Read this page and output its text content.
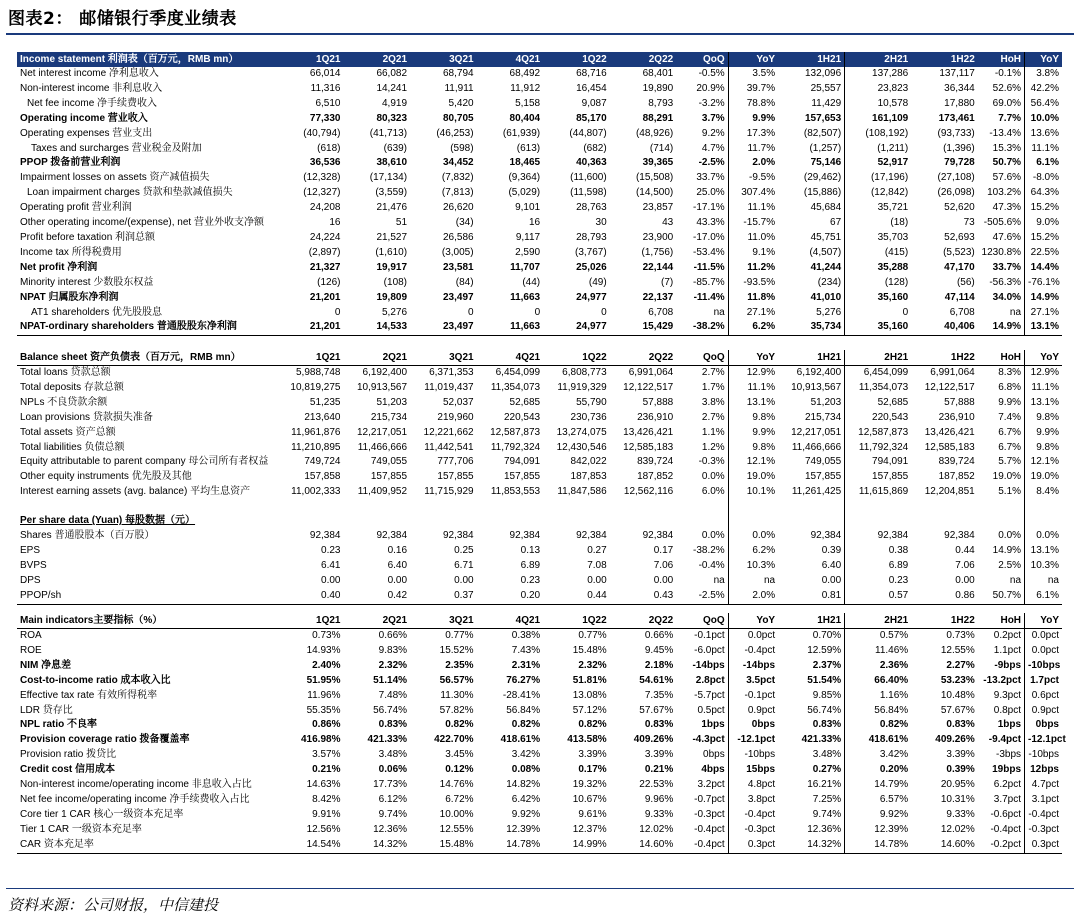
图表2： 邮储银行季度业绩表
Income statement 利润表（百万元，RMB mn）	1Q21	2Q21	3Q21	4Q21	1Q22	2Q22	QoQ	YoY	1H21	2H21	1H22	HoH	YoY
Net interest income 净利息收入	66,014	66,082	68,794	68,492	68,716	68,401	-0.5%	3.5%	132,096	137,286	137,117	-0.1%	3.8%
Non-interest income 非利息收入	11,316	14,241	11,911	11,912	16,454	19,890	20.9%	39.7%	25,557	23,823	36,344	52.6%	42.2%
Net fee income 净手续费收入	6,510	4,919	5,420	5,158	9,087	8,793	-3.2%	78.8%	11,429	10,578	17,880	69.0%	56.4%
Operating income 营业收入	77,330	80,323	80,705	80,404	85,170	88,291	3.7%	9.9%	157,653	161,109	173,461	7.7%	10.0%
Operating expenses 营业支出	(40,794)	(41,713)	(46,253)	(61,939)	(44,807)	(48,926)	9.2%	17.3%	(82,507)	(108,192)	(93,733)	-13.4%	13.6%
Taxes and surcharges 营业税金及附加	(618)	(639)	(598)	(613)	(682)	(714)	4.7%	11.7%	(1,257)	(1,211)	(1,396)	15.3%	11.1%
PPOP 拨备前营业利润	36,536	38,610	34,452	18,465	40,363	39,365	-2.5%	2.0%	75,146	52,917	79,728	50.7%	6.1%
Impairment losses on assets 资产减值损失	(12,328)	(17,134)	(7,832)	(9,364)	(11,600)	(15,508)	33.7%	-9.5%	(29,462)	(17,196)	(27,108)	57.6%	-8.0%
Loan impairment charges 贷款和垫款减值损失	(12,327)	(3,559)	(7,813)	(5,029)	(11,598)	(14,500)	25.0%	307.4%	(15,886)	(12,842)	(26,098)	103.2%	64.3%
Operating profit 营业利润	24,208	21,476	26,620	9,101	28,763	23,857	-17.1%	11.1%	45,684	35,721	52,620	47.3%	15.2%
Other operating income/(expense), net 营业外收支净额	16	51	(34)	16	30	43	43.3%	-15.7%	67	(18)	73	-505.6%	9.0%
Profit before taxation 利润总额	24,224	21,527	26,586	9,117	28,793	23,900	-17.0%	11.0%	45,751	35,703	52,693	47.6%	15.2%
Income tax 所得税费用	(2,897)	(1,610)	(3,005)	2,590	(3,767)	(1,756)	-53.4%	9.1%	(4,507)	(415)	(5,523)	1230.8%	22.5%
Net profit 净利润	21,327	19,917	23,581	11,707	25,026	22,144	-11.5%	11.2%	41,244	35,288	47,170	33.7%	14.4%
Minority interest 少数股东权益	(126)	(108)	(84)	(44)	(49)	(7)	-85.7%	-93.5%	(234)	(128)	(56)	-56.3%	-76.1%
NPAT 归属股东净利润	21,201	19,809	23,497	11,663	24,977	22,137	-11.4%	11.8%	41,010	35,160	47,114	34.0%	14.9%
AT1 shareholders 优先股股息	0	5,276	0	0	0	6,708	na	27.1%	5,276	0	6,708	na	27.1%
NPAT-ordinary shareholders 普通股股东净利润	21,201	14,533	23,497	11,663	24,977	15,429	-38.2%	6.2%	35,734	35,160	40,406	14.9%	13.1%
Balance sheet 资产负债表（百万元，RMB mn）	1Q21	2Q21	3Q21	4Q21	1Q22	2Q22	QoQ	YoY	1H21	2H21	1H22	HoH	YoY
Total loans 贷款总额	5,988,748	6,192,400	6,371,353	6,454,099	6,808,773	6,991,064	2.7%	12.9%	6,192,400	6,454,099	6,991,064	8.3%	12.9%
Total deposits 存款总额	10,819,275	10,913,567	11,019,437	11,354,073	11,919,329	12,122,517	1.7%	11.1%	10,913,567	11,354,073	12,122,517	6.8%	11.1%
NPLs 不良贷款余额	51,235	51,203	52,037	52,685	55,790	57,888	3.8%	13.1%	51,203	52,685	57,888	9.9%	13.1%
Loan provisions 贷款损失准备	213,640	215,734	219,960	220,543	230,736	236,910	2.7%	9.8%	215,734	220,543	236,910	7.4%	9.8%
Total assets 资产总额	11,961,876	12,217,051	12,221,662	12,587,873	13,274,075	13,426,421	1.1%	9.9%	12,217,051	12,587,873	13,426,421	6.7%	9.9%
Total liabilities 负债总额	11,210,895	11,466,666	11,442,541	11,792,324	12,430,546	12,585,183	1.2%	9.8%	11,466,666	11,792,324	12,585,183	6.7%	9.8%
Equity attributable to parent company 母公司所有者权益	749,724	749,055	777,706	794,091	842,022	839,724	-0.3%	12.1%	749,055	794,091	839,724	5.7%	12.1%
Other equity instruments 优先股及其他	157,858	157,855	157,855	157,855	187,853	187,852	0.0%	19.0%	157,855	157,855	187,852	19.0%	19.0%
Interest earning assets (avg. balance) 平均生息资产	11,002,333	11,409,952	11,715,929	11,853,553	11,847,586	12,562,116	6.0%	10.1%	11,261,425	11,615,869	12,204,851	5.1%	8.4%

Per share data (Yuan) 每股数据（元）													
Shares 普通股股本（百万股）	92,384	92,384	92,384	92,384	92,384	92,384	0.0%	0.0%	92,384	92,384	92,384	0.0%	0.0%
EPS	0.23	0.16	0.25	0.13	0.27	0.17	-38.2%	6.2%	0.39	0.38	0.44	14.9%	13.1%
BVPS	6.41	6.40	6.71	6.89	7.08	7.06	-0.4%	10.3%	6.40	6.89	7.06	2.5%	10.3%
DPS	0.00	0.00	0.00	0.23	0.00	0.00	na	na	0.00	0.23	0.00	na	na
PPOP/sh	0.40	0.42	0.37	0.20	0.44	0.43	-2.5%	2.0%	0.81	0.57	0.86	50.7%	6.1%
Main indicators主要指标（%）	1Q21	2Q21	3Q21	4Q21	1Q22	2Q22	QoQ	YoY	1H21	2H21	1H22	HoH	YoY
ROA	0.73%	0.66%	0.77%	0.38%	0.77%	0.66%	-0.1pct	0.0pct	0.70%	0.57%	0.73%	0.2pct	0.0pct
ROE	14.93%	9.83%	15.52%	7.43%	15.48%	9.45%	-6.0pct	-0.4pct	12.59%	11.46%	12.55%	1.1pct	0.0pct
NIM 净息差	2.40%	2.32%	2.35%	2.31%	2.32%	2.18%	-14bps	-14bps	2.37%	2.36%	2.27%	-9bps	-10bps
Cost-to-income ratio 成本收入比	51.95%	51.14%	56.57%	76.27%	51.81%	54.61%	2.8pct	3.5pct	51.54%	66.40%	53.23%	-13.2pct	1.7pct
Effective tax rate 有效所得税率	11.96%	7.48%	11.30%	-28.41%	13.08%	7.35%	-5.7pct	-0.1pct	9.85%	1.16%	10.48%	9.3pct	0.6pct
LDR 贷存比	55.35%	56.74%	57.82%	56.84%	57.12%	57.67%	0.5pct	0.9pct	56.74%	56.84%	57.67%	0.8pct	0.9pct
NPL ratio 不良率	0.86%	0.83%	0.82%	0.82%	0.82%	0.83%	1bps	0bps	0.83%	0.82%	0.83%	1bps	0bps
Provision coverage ratio 拨备覆盖率	416.98%	421.33%	422.70%	418.61%	413.58%	409.26%	-4.3pct	-12.1pct	421.33%	418.61%	409.26%	-9.4pct	-12.1pct
Provision ratio 拨贷比	3.57%	3.48%	3.45%	3.42%	3.39%	3.39%	0bps	-10bps	3.48%	3.42%	3.39%	-3bps	-10bps
Credit cost 信用成本	0.21%	0.06%	0.12%	0.08%	0.17%	0.21%	4bps	15bps	0.27%	0.20%	0.39%	19bps	12bps
Non-interest income/operating income 非息收入占比	14.63%	17.73%	14.76%	14.82%	19.32%	22.53%	3.2pct	4.8pct	16.21%	14.79%	20.95%	6.2pct	4.7pct
Net fee income/operating income 净手续费收入占比	8.42%	6.12%	6.72%	6.42%	10.67%	9.96%	-0.7pct	3.8pct	7.25%	6.57%	10.31%	3.7pct	3.1pct
Core tier 1 CAR 核心一级资本充足率	9.91%	9.74%	10.00%	9.92%	9.61%	9.33%	-0.3pct	-0.4pct	9.74%	9.92%	9.33%	-0.6pct	-0.4pct
Tier 1 CAR 一级资本充足率	12.56%	12.36%	12.55%	12.39%	12.37%	12.02%	-0.4pct	-0.3pct	12.36%	12.39%	12.02%	-0.4pct	-0.3pct
CAR 资本充足率	14.54%	14.32%	15.48%	14.78%	14.99%	14.60%	-0.4pct	0.3pct	14.32%	14.78%	14.60%	-0.2pct	0.3pct
资料来源：公司财报，中信建投
